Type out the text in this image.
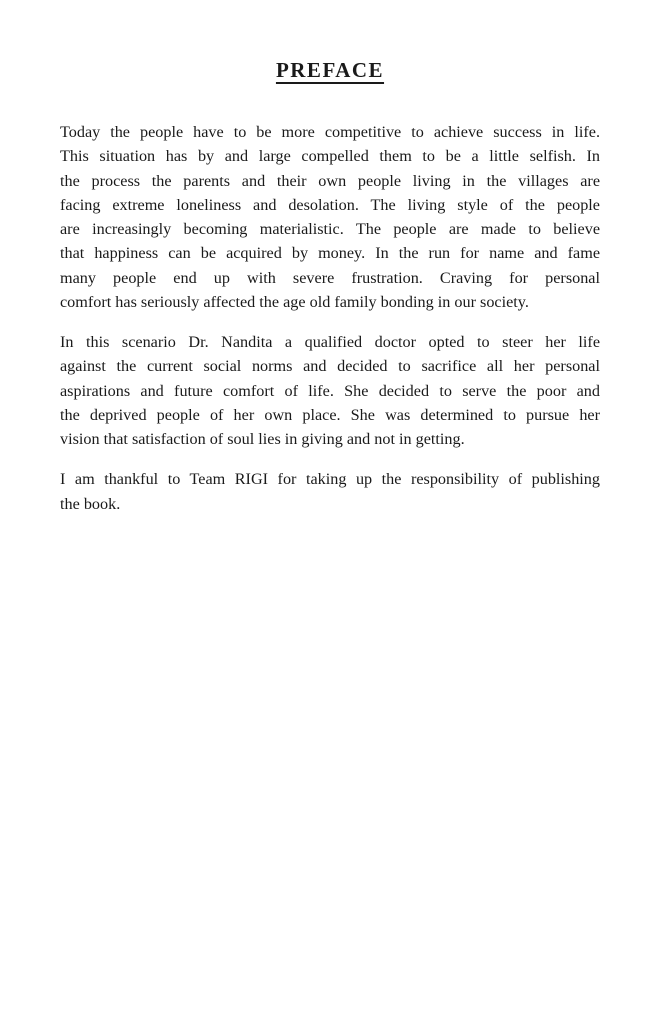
PREFACE
Today the people have to be more competitive to achieve success in life.
This situation has by and large compelled them to be a little selfish. In
the process the parents and their own people living in the villages are
facing extreme loneliness and desolation. The living style of the people
are increasingly becoming materialistic. The people are made to believe
that happiness can be acquired by money. In the run for name and fame
many people end up with severe frustration. Craving for personal
comfort has seriously affected the age old family bonding in our society.
In this scenario Dr. Nandita a qualified doctor opted to steer her life
against the current social norms and decided to sacrifice all her personal
aspirations and future comfort of life. She decided to serve the poor and
the deprived people of her own place. She was determined to pursue her
vision that satisfaction of soul lies in giving and not in getting.
I am thankful to Team RIGI for taking up the responsibility of publishing
the book.
